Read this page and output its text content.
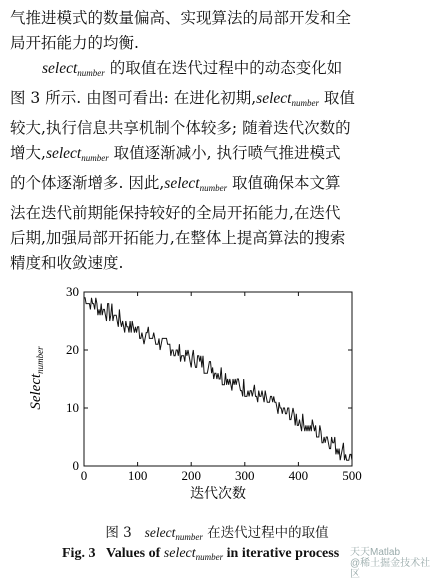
气推进模式的数量偏高、实现算法的局部开发和全

局开拓能力的均衡.

select$_{number}$ 的取值在迭代过程中的动态变化如

图 3 所示. 由图可看出: 在进化初期,select$_{number}$ 取值

较大,执行信息共享机制个体较多; 随着迭代次数的

增大,select$_{number}$ 取值逐渐减小, 执行喷气推进模式

的个体逐渐增多. 因此,select$_{number}$ 取值确保本文算

法在迭代前期能保持较好的全局开拓能力,在迭代

后期,加强局部开拓能力,在整体上提高算法的搜索

精度和收敛速度.

0	100	200	300	400	500
0
10
20
30
迭代次数
Select$_{number}$
图 3 select$_{number}$ 在迭代过程中的取值
Fig. 3 Values of select$_{number}$ in iterative process	天天Matlab
@稀土掘金技术社区
